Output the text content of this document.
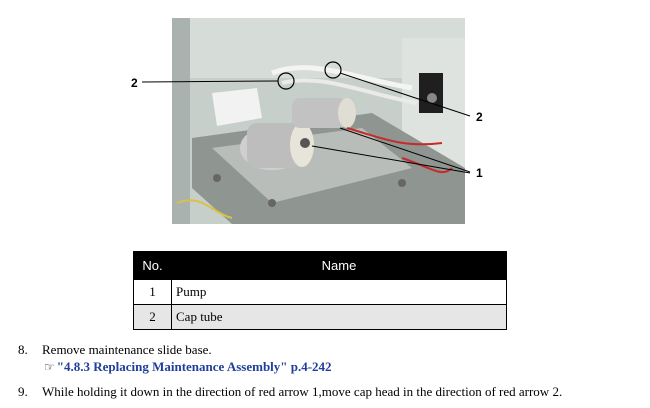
2
2
1
No.	Name
1	Pump
2	Cap tube
8. Remove maintenance slide base.
☞ "4.8.3 Replacing Maintenance Assembly" p.4-242
9. While holding it down in the direction of red arrow 1,move cap head in the direction of red arrow 2.
